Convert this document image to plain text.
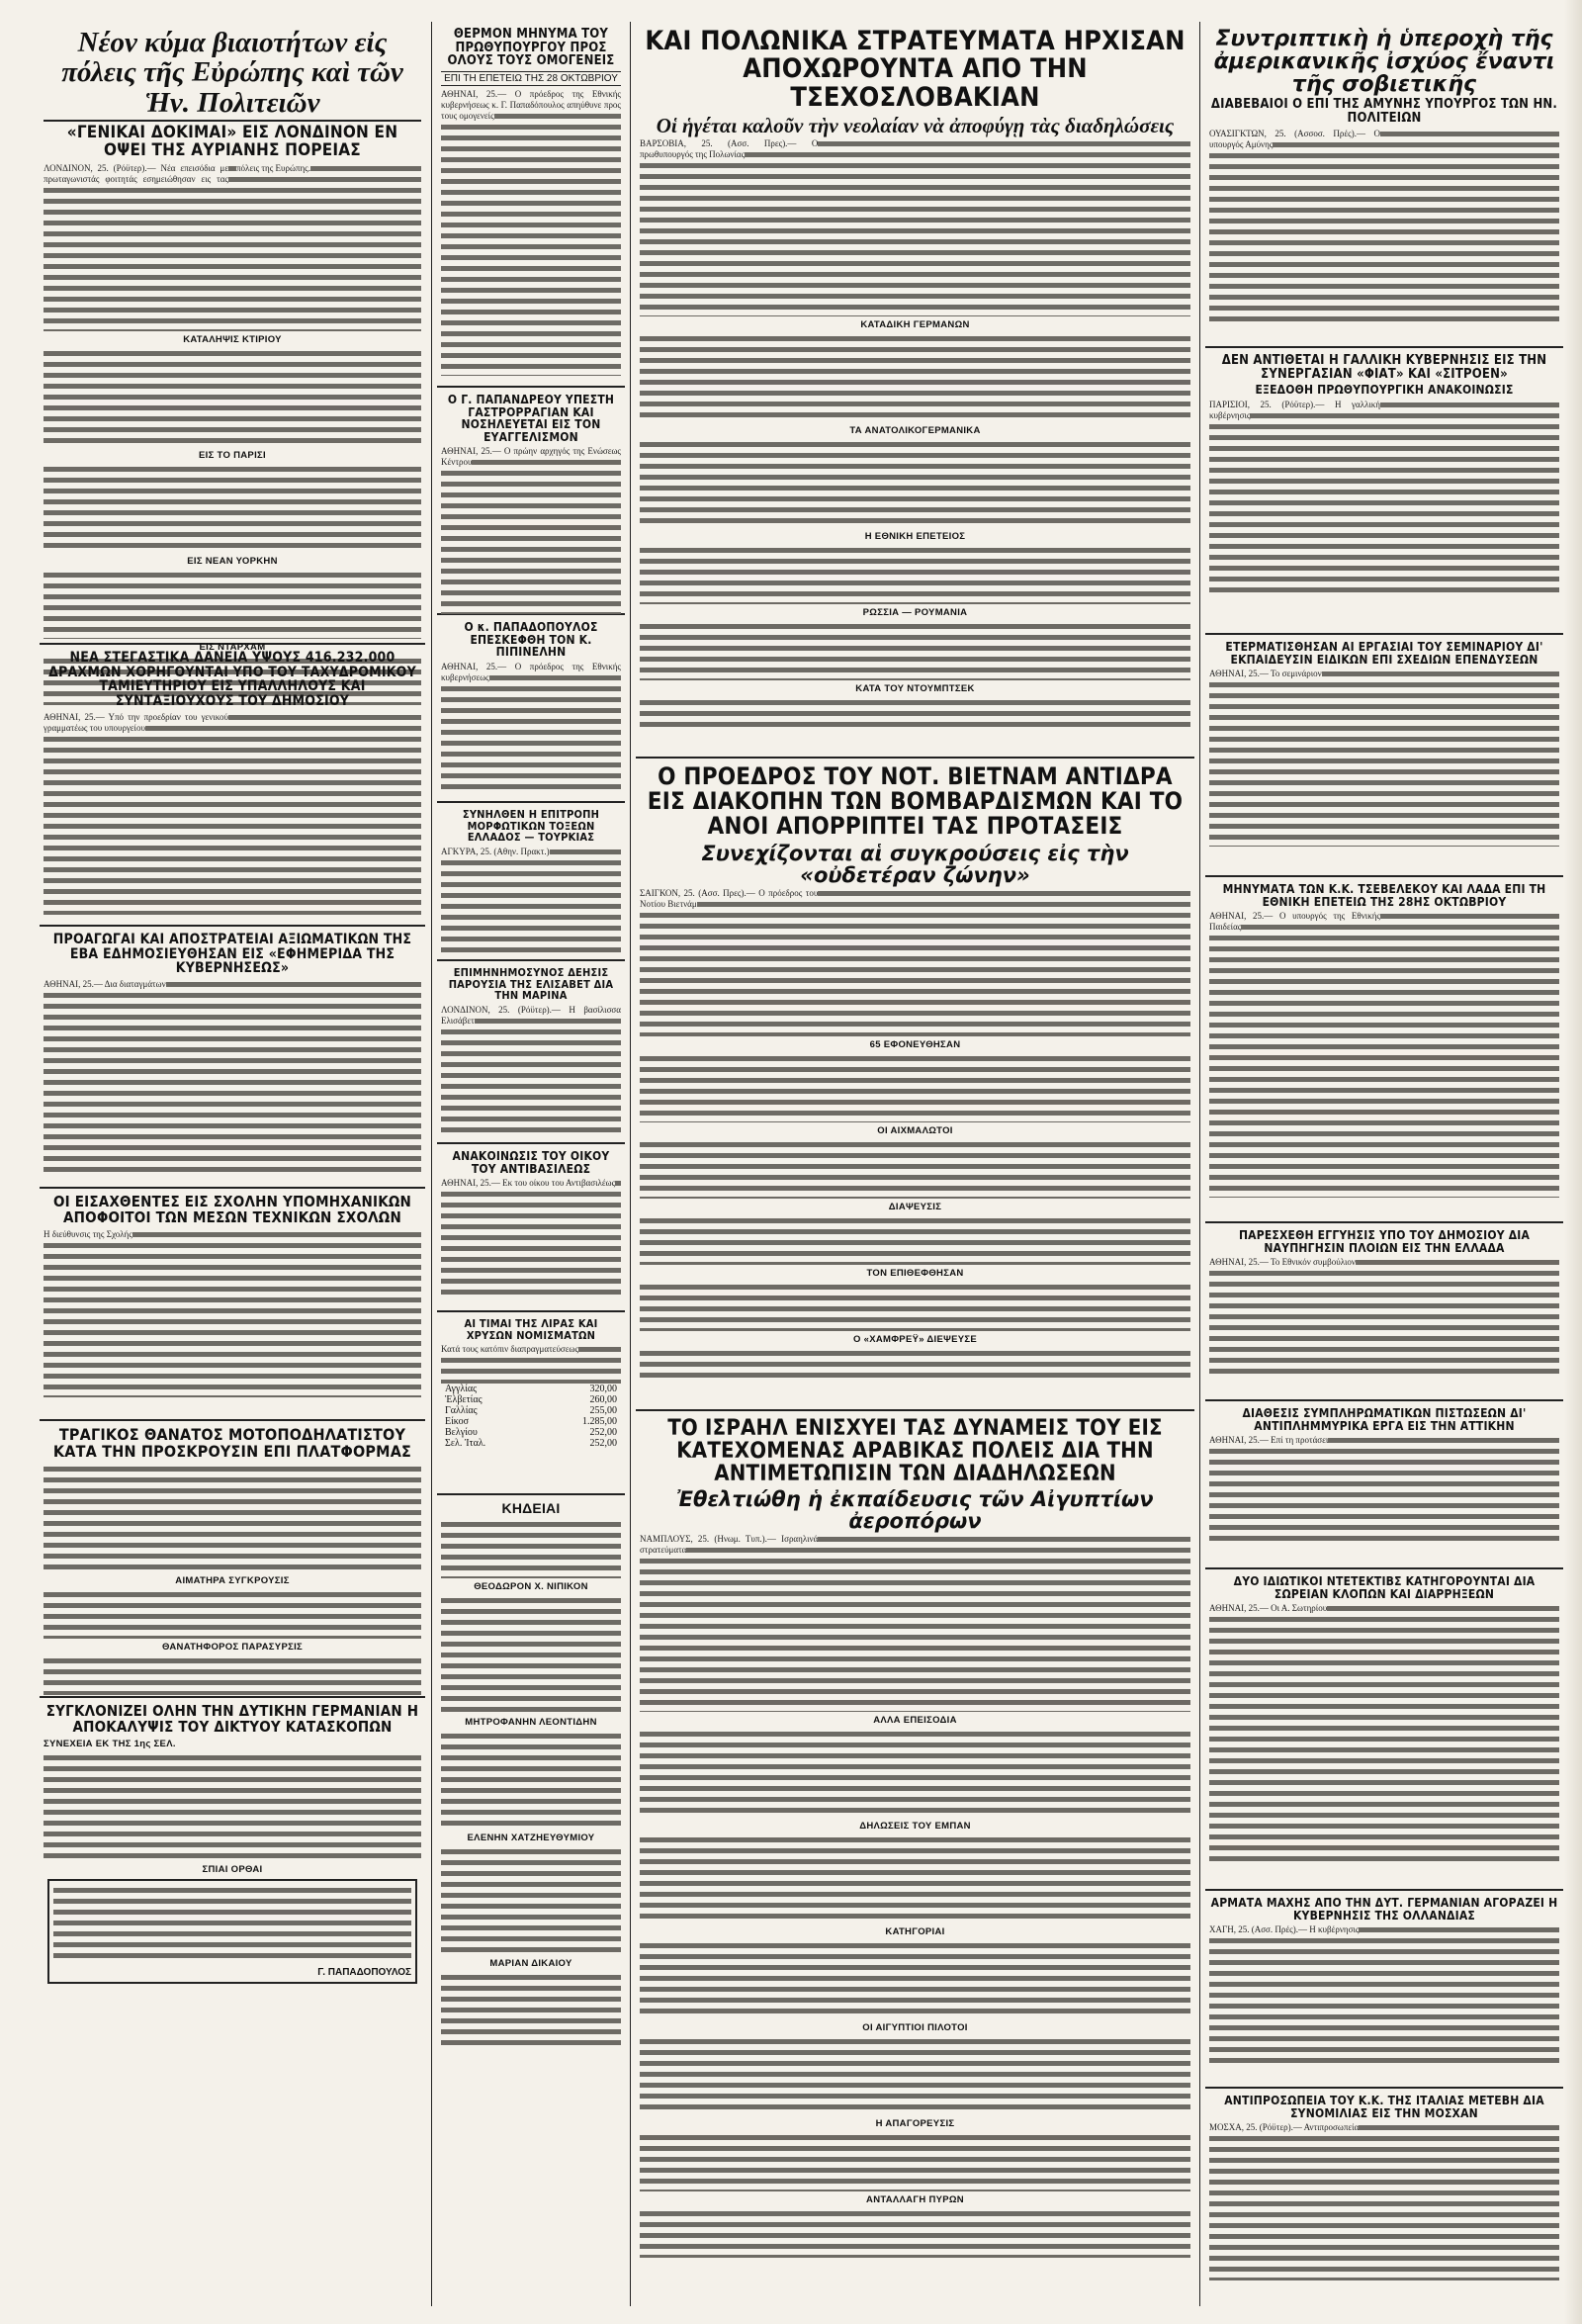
Νέον κύμα βιαιοτήτων εἰς πόλεις τῆς Εὐρώπης καὶ τῶν Ἡν. Πολιτειῶν
«ΓΕΝΙΚΑΙ ΔΟΚΙΜΑΙ» ΕΙΣ ΛΟΝΔΙΝΟΝ ΕΝ ΟΨΕΙ ΤΗΣ ΑΥΡΙΑΝΗΣ ΠΟΡΕΙΑΣ
ΛΟΝΔΙΝΟΝ, 25. (Ρόϋτερ).— Νέα επεισόδια με πρωταγωνιστάς φοιτητάς εσημειώθησαν εις τας πόλεις της Ευρώπης.
ΚΑΤΑΛΗΨΙΣ ΚΤΙΡΙΟΥ
ΕΙΣ ΤΟ ΠΑΡΙΣΙ
ΕΙΣ ΝΕΑΝ ΥΟΡΚΗΝ
ΕΙΣ ΝΤΑΡΧΑΜ
ΝΕΑ ΣΤΕΓΑΣΤΙΚΑ ΔΑΝΕΙΑ ΥΨΟΥΣ 416.232.000 ΔΡΑΧΜΩΝ ΧΟΡΗΓΟΥΝΤΑΙ ΥΠΟ ΤΟΥ ΤΑΧΥΔΡΟΜΙΚΟΥ ΤΑΜΙΕΥΤΗΡΙΟΥ ΕΙΣ ΥΠΑΛΛΗΛΟΥΣ ΚΑΙ ΣΥΝΤΑΞΙΟΥΧΟΥΣ ΤΟΥ ΔΗΜΟΣΙΟΥ
ΑΘΗΝΑΙ, 25.— Υπό την προεδρίαν του γενικού γραμματέως του υπουργείου
ΠΡΟΑΓΩΓΑΙ ΚΑΙ ΑΠΟΣΤΡΑΤΕΙΑΙ ΑΞΙΩΜΑΤΙΚΩΝ ΤΗΣ ΕΒΑ ΕΔΗΜΟΣΙΕΥΘΗΣΑΝ ΕΙΣ «ΕΦΗΜΕΡΙΔΑ ΤΗΣ ΚΥΒΕΡΝΗΣΕΩΣ»
ΑΘΗΝΑΙ, 25.— Δια διαταγμάτων
ΟΙ ΕΙΣΑΧΘΕΝΤΕΣ ΕΙΣ ΣΧΟΛΗΝ ΥΠΟΜΗΧΑΝΙΚΩΝ ΑΠΟΦΟΙΤΟΙ ΤΩΝ ΜΕΣΩΝ ΤΕΧΝΙΚΩΝ ΣΧΟΛΩΝ
Η διεύθυνσις της Σχολής
ΤΡΑΓΙΚΟΣ ΘΑΝΑΤΟΣ ΜΟΤΟΠΟΔΗΛΑΤΙΣΤΟΥ ΚΑΤΑ ΤΗΝ ΠΡΟΣΚΡΟΥΣΙΝ ΕΠΙ ΠΛΑΤΦΟΡΜΑΣ
ΑΙΜΑΤΗΡΑ ΣΥΓΚΡΟΥΣΙΣ
ΘΑΝΑΤΗΦΟΡΟΣ ΠΑΡΑΣΥΡΣΙΣ
ΣΥΓΚΛΟΝΙΖΕΙ ΟΛΗΝ ΤΗΝ ΔΥΤΙΚΗΝ ΓΕΡΜΑΝΙΑΝ Η ΑΠΟΚΑΛΥΨΙΣ ΤΟΥ ΔΙΚΤΥΟΥ ΚΑΤΑΣΚΟΠΩΝ
ΣΥΝΕΧΕΙΑ ΕΚ ΤΗΣ 1ης ΣΕΛ.
ΣΠΙΑΙ ΟΡΘΑΙ
Γ. ΠΑΠΑΔΟΠΟΥΛΟΣ
ΘΕΡΜΟΝ ΜΗΝΥΜΑ ΤΟΥ ΠΡΩΘΥΠΟΥΡΓΟΥ ΠΡΟΣ ΟΛΟΥΣ ΤΟΥΣ ΟΜΟΓΕΝΕΙΣ
ΕΠΙ ΤΗ ΕΠΕΤΕΙΩ ΤΗΣ 28 ΟΚΤΩΒΡΙΟΥ
ΑΘΗΝΑΙ, 25.— Ο πρόεδρος της Εθνικής κυβερνήσεως κ. Γ. Παπαδόπουλος απηύθυνε προς τους ομογενείς
Ο Γ. ΠΑΠΑΝΔΡΕΟΥ ΥΠΕΣΤΗ ΓΑΣΤΡΟΡΡΑΓΙΑΝ ΚΑΙ ΝΟΣΗΛΕΥΕΤΑΙ ΕΙΣ ΤΟΝ ΕΥΑΓΓΕΛΙΣΜΟΝ
ΑΘΗΝΑΙ, 25.— Ο πρώην αρχηγός της Ενώσεως Κέντρου
Ο κ. ΠΑΠΑΔΟΠΟΥΛΟΣ ΕΠΕΣΚΕΦΘΗ ΤΟΝ Κ. ΠΙΠΙΝΕΛΗΝ
ΑΘΗΝΑΙ, 25.— Ο πρόεδρος της Εθνικής κυβερνήσεως
ΣΥΝΗΛΘΕΝ Η ΕΠΙΤΡΟΠΗ ΜΟΡΦΩΤΙΚΩΝ ΤΟΞΕΩΝ ΕΛΛΑΔΟΣ — ΤΟΥΡΚΙΑΣ
ΑΓΚΥΡΑ, 25. (Αθην. Πρακτ.)
ΕΠΙΜΗΝΗΜΟΣΥΝΟΣ ΔΕΗΣΙΣ ΠΑΡΟΥΣΙΑ ΤΗΣ ΕΛΙΣΑΒΕΤ ΔΙΑ ΤΗΝ ΜΑΡΙΝΑ
ΛΟΝΔΙΝΟΝ, 25. (Ρόϋτερ).— Η βασίλισσα Ελισάβετ
ΑΝΑΚΟΙΝΩΣΙΣ ΤΟΥ ΟΙΚΟΥ ΤΟΥ ΑΝΤΙΒΑΣΙΛΕΩΣ
ΑΘΗΝΑΙ, 25.— Εκ του οίκου του Αντιβασιλέως
ΑΙ ΤΙΜΑΙ ΤΗΣ ΛΙΡΑΣ ΚΑΙ ΧΡΥΣΩΝ ΝΟΜΙΣΜΑΤΩΝ
Κατά τους κατόπιν διαπραγματεύσεως
Αγγλίας	320,00
Ἑλβετίας	260,00
Γαλλίας	255,00
Είκοσ	1.285,00
Βελγίου	252,00
Σελ. Ἰταλ.	252,00
ΚΗΔΕΙΑΙ
ΘΕΟΔΩΡΟΝ Χ. ΝΙΠΙΚΟΝ
ΜΗΤΡΟΦΑΝΗΝ ΛΕΟΝΤΙΔΗΝ
ΕΛΕΝΗΝ ΧΑΤΖΗΕΥΘΥΜΙΟΥ
ΜΑΡΙΑΝ ΔΙΚΑΙΟΥ
ΚΑΙ ΠΟΛΩΝΙΚΑ ΣΤΡΑΤΕΥΜΑΤΑ ΗΡΧΙΣΑΝ ΑΠΟΧΩΡΟΥΝΤΑ ΑΠΟ ΤΗΝ ΤΣΕΧΟΣΛΟΒΑΚΙΑΝ
Οἱ ἡγέται καλοῦν τὴν νεολαίαν νὰ ἀποφύγῃ τὰς διαδηλώσεις
ΒΑΡΣΟΒΙΑ, 25. (Ασσ. Πρες).— Ο πρωθυπουργός της Πολωνίας
ΚΑΤΑΔΙΚΗ ΓΕΡΜΑΝΩΝ
ΤΑ ΑΝΑΤΟΛΙΚΟΓΕΡΜΑΝΙΚΑ
Η ΕΘΝΙΚΗ ΕΠΕΤΕΙΟΣ
ΡΩΣΣΙΑ — ΡΟΥΜΑΝΙΑ
ΚΑΤΑ ΤΟΥ ΝΤΟΥΜΠΤΣΕΚ
Ο ΠΡΟΕΔΡΟΣ ΤΟΥ ΝΟΤ. ΒΙΕΤΝΑΜ ΑΝΤΙΔΡΑ ΕΙΣ ΔΙΑΚΟΠΗΝ ΤΩΝ ΒΟΜΒΑΡΔΙΣΜΩΝ ΚΑΙ ΤΟ ΑΝΟΙ ΑΠΟΡΡΙΠΤΕΙ ΤΑΣ ΠΡΟΤΑΣΕΙΣ
Συνεχίζονται αἱ συγκρούσεις εἰς τὴν «οὐδετέραν ζώνην»
ΣΑΙΓΚΟΝ, 25. (Ασσ. Πρες).— Ο πρόεδρος του Νοτίου Βιετνάμ
65 ΕΦΟΝΕΥΘΗΣΑΝ
ΟΙ ΑΙΧΜΑΛΩΤΟΙ
ΔΙΑΨΕΥΣΙΣ
ΤΟΝ ΕΠΙΘΕΦΘΗΣΑΝ
Ο «ΧΑΜΦΡΕΫ» ΔΙΕΨΕΥΣΕ
ΤΟ ΙΣΡΑΗΛ ΕΝΙΣΧΥΕΙ ΤΑΣ ΔΥΝΑΜΕΙΣ ΤΟΥ ΕΙΣ ΚΑΤΕΧΟΜΕΝΑΣ ΑΡΑΒΙΚΑΣ ΠΟΛΕΙΣ ΔΙΑ ΤΗΝ ΑΝΤΙΜΕΤΩΠΙΣΙΝ ΤΩΝ ΔΙΑΔΗΛΩΣΕΩΝ
Ἐθελτιώθη ἡ ἐκπαίδευσις τῶν Αἰγυπτίων ἀεροπόρων
ΝΑΜΠΛΟΥΣ, 25. (Ηνωμ. Τυπ.).— Ισραηλινά στρατεύματα
ΑΛΛΑ ΕΠΕΙΣΟΔΙΑ
ΔΗΛΩΣΕΙΣ ΤΟΥ ΕΜΠΑΝ
ΚΑΤΗΓΟΡΙΑΙ
ΟΙ ΑΙΓΥΠΤΙΟΙ ΠΙΛΟΤΟΙ
Η ΑΠΑΓΟΡΕΥΣΙΣ
ΑΝΤΑΛΛΑΓΗ ΠΥΡΩΝ
Συντριπτικὴ ἡ ὑπεροχὴ τῆς ἀμερικανικῆς ἰσχύος ἔναντι τῆς σοβιετικῆς
ΔΙΑΒΕΒΑΙΟΙ Ο ΕΠΙ ΤΗΣ ΑΜΥΝΗΣ ΥΠΟΥΡΓΟΣ ΤΩΝ ΗΝ. ΠΟΛΙΤΕΙΩΝ
ΟΥΑΣΙΓΚΤΩΝ, 25. (Ασσοσ. Πρές).— Ο υπουργός Αμύνης
ΔΕΝ ΑΝΤΙΘΕΤΑΙ Η ΓΑΛΛΙΚΗ ΚΥΒΕΡΝΗΣΙΣ ΕΙΣ ΤΗΝ ΣΥΝΕΡΓΑΣΙΑΝ «ΦΙΑΤ» ΚΑΙ «ΣΙΤΡΟΕΝ»
ΕΞΕΔΟΘΗ ΠΡΩΘΥΠΟΥΡΓΙΚΗ ΑΝΑΚΟΙΝΩΣΙΣ
ΠΑΡΙΣΙΟΙ, 25. (Ρόϋτερ).— Η γαλλική κυβέρνησις
ΕΤΕΡΜΑΤΙΣΘΗΣΑΝ ΑΙ ΕΡΓΑΣΙΑΙ ΤΟΥ ΣΕΜΙΝΑΡΙΟΥ ΔΙ' ΕΚΠΑΙΔΕΥΣΙΝ ΕΙΔΙΚΩΝ ΕΠΙ ΣΧΕΔΙΩΝ ΕΠΕΝΔΥΣΕΩΝ
ΑΘΗΝΑΙ, 25.— Το σεμινάριον
ΜΗΝΥΜΑΤΑ ΤΩΝ Κ.Κ. ΤΣΕΒΕΛΕΚΟΥ ΚΑΙ ΛΑΔΑ ΕΠΙ ΤΗ ΕΘΝΙΚΗ ΕΠΕΤΕΙΩ ΤΗΣ 28ΗΣ ΟΚΤΩΒΡΙΟΥ
ΑΘΗΝΑΙ, 25.— Ο υπουργός της Εθνικής Παιδείας
ΠΑΡΕΣΧΕΘΗ ΕΓΓΥΗΣΙΣ ΥΠΟ ΤΟΥ ΔΗΜΟΣΙΟΥ ΔΙΑ ΝΑΥΠΗΓΗΣΙΝ ΠΛΟΙΩΝ ΕΙΣ ΤΗΝ ΕΛΛΑΔΑ
ΑΘΗΝΑΙ, 25.— Το Εθνικόν συμβούλιον
ΔΙΑΘΕΣΙΣ ΣΥΜΠΛΗΡΩΜΑΤΙΚΩΝ ΠΙΣΤΩΣΕΩΝ ΔΙ' ΑΝΤΙΠΛΗΜΜΥΡΙΚΑ ΕΡΓΑ ΕΙΣ ΤΗΝ ΑΤΤΙΚΗΝ
ΑΘΗΝΑΙ, 25.— Επί τη προτάσει
ΔΥΟ ΙΔΙΩΤΙΚΟΙ ΝΤΕΤΕΚΤΙΒΣ ΚΑΤΗΓΟΡΟΥΝΤΑΙ ΔΙΑ ΣΩΡΕΙΑΝ ΚΛΟΠΩΝ ΚΑΙ ΔΙΑΡΡΗΞΕΩΝ
ΑΘΗΝΑΙ, 25.— Οι Α. Σωτηρίου
ΑΡΜΑΤΑ ΜΑΧΗΣ ΑΠΟ ΤΗΝ ΔΥΤ. ΓΕΡΜΑΝΙΑΝ ΑΓΟΡΑΖΕΙ Η ΚΥΒΕΡΝΗΣΙΣ ΤΗΣ ΟΛΛΑΝΔΙΑΣ
ΧΑΓΗ, 25. (Ασσ. Πρές).— Η κυβέρνησις
ΑΝΤΙΠΡΟΣΩΠΕΙΑ ΤΟΥ Κ.Κ. ΤΗΣ ΙΤΑΛΙΑΣ ΜΕΤΕΒΗ ΔΙΑ ΣΥΝΟΜΙΛΙΑΣ ΕΙΣ ΤΗΝ ΜΟΣΧΑΝ
ΜΟΣΧΑ, 25. (Ρόϋτερ).— Αντιπροσωπεία
